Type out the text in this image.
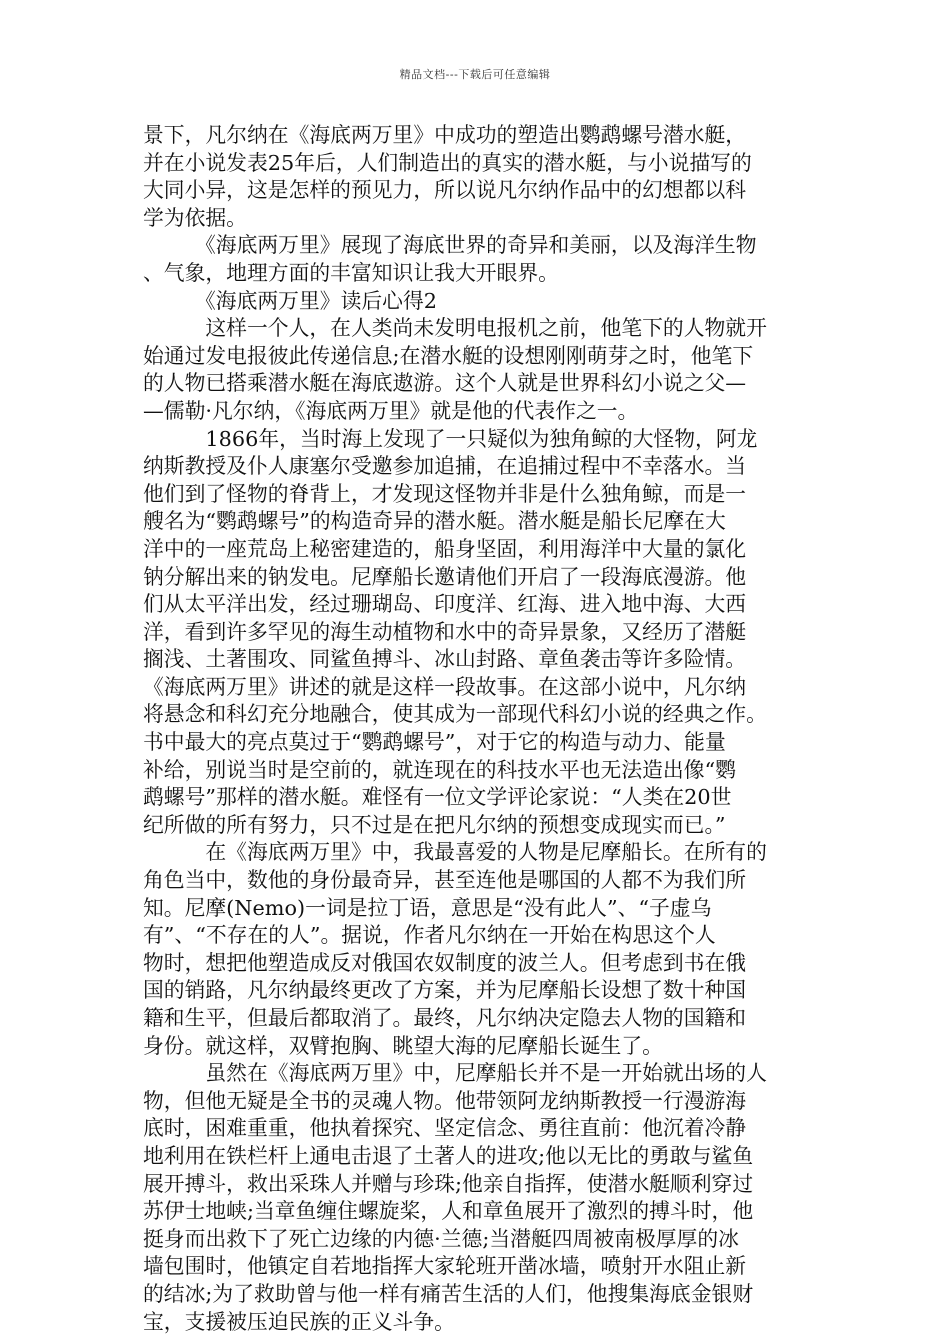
精品文档---下载后可任意编辑
景下，凡尔纳在《海底两万里》中成功的塑造出鹦鹉螺号潜水艇，
并在小说发表25年后，人们制造出的真实的潜水艇，与小说描写的
大同小异，这是怎样的预见力，所以说凡尔纳作品中的幻想都以科
学为依据。
　　　《海底两万里》展现了海底世界的奇异和美丽，以及海洋生物
、气象，地理方面的丰富知识让我大开眼界。
　　　《海底两万里》读后心得2
　　　这样一个人，在人类尚未发明电报机之前，他笔下的人物就开
始通过发电报彼此传递信息;在潜水艇的设想刚刚萌芽之时，他笔下
的人物已搭乘潜水艇在海底遨游。这个人就是世界科幻小说之父—
—儒勒·凡尔纳，《海底两万里》就是他的代表作之一。
　　　1866年，当时海上发现了一只疑似为独角鲸的大怪物，阿龙
纳斯教授及仆人康塞尔受邀参加追捕，在追捕过程中不幸落水。当
他们到了怪物的脊背上，才发现这怪物并非是什么独角鲸，而是一
艘名为“鹦鹉螺号”的构造奇异的潜水艇。潜水艇是船长尼摩在大
洋中的一座荒岛上秘密建造的，船身坚固，利用海洋中大量的氯化
钠分解出来的钠发电。尼摩船长邀请他们开启了一段海底漫游。他
们从太平洋出发，经过珊瑚岛、印度洋、红海、进入地中海、大西
洋，看到许多罕见的海生动植物和水中的奇异景象，又经历了潜艇
搁浅、土著围攻、同鲨鱼搏斗、冰山封路、章鱼袭击等许多险情。
《海底两万里》讲述的就是这样一段故事。在这部小说中，凡尔纳
将悬念和科幻充分地融合，使其成为一部现代科幻小说的经典之作。
书中最大的亮点莫过于“鹦鹉螺号”，对于它的构造与动力、能量
补给，别说当时是空前的，就连现在的科技水平也无法造出像“鹦
鹉螺号”那样的潜水艇。难怪有一位文学评论家说：“人类在20世
纪所做的所有努力，只不过是在把凡尔纳的预想变成现实而已。”
　　　在《海底两万里》中，我最喜爱的人物是尼摩船长。在所有的
角色当中，数他的身份最奇异，甚至连他是哪国的人都不为我们所
知。尼摩(Nemo)一词是拉丁语，意思是“没有此人”、“子虚乌
有”、“不存在的人”。据说，作者凡尔纳在一开始在构思这个人
物时，想把他塑造成反对俄国农奴制度的波兰人。但考虑到书在俄
国的销路，凡尔纳最终更改了方案，并为尼摩船长设想了数十种国
籍和生平，但最后都取消了。最终，凡尔纳决定隐去人物的国籍和
身份。就这样，双臂抱胸、眺望大海的尼摩船长诞生了。
　　　虽然在《海底两万里》中，尼摩船长并不是一开始就出场的人
物，但他无疑是全书的灵魂人物。他带领阿龙纳斯教授一行漫游海
底时，困难重重，他执着探究、坚定信念、勇往直前：他沉着冷静
地利用在铁栏杆上通电击退了土著人的进攻;他以无比的勇敢与鲨鱼
展开搏斗，救出采珠人并赠与珍珠;他亲自指挥，使潜水艇顺利穿过
苏伊士地峡;当章鱼缠住螺旋桨，人和章鱼展开了激烈的搏斗时，他
挺身而出救下了死亡边缘的内德·兰德;当潜艇四周被南极厚厚的冰
墙包围时，他镇定自若地指挥大家轮班开凿冰墙，喷射开水阻止新
的结冰;为了救助曾与他一样有痛苦生活的人们，他搜集海底金银财
宝，支援被压迫民族的正义斗争。
